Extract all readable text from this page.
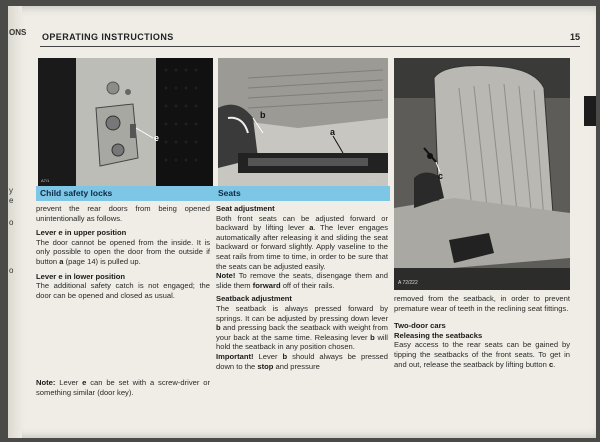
ONS
y
e
o
o
OPERATING INSTRUCTIONS	15
e
A7/1
b
a
A7/…	c
A 72/222
Child safety locks
prevent the rear doors from being opened unintentionally as follows.
Lever e in upper position
The door cannot be opened from the inside. It is only possible to open the door from the outside if button a (page 14) is pulled up.
Lever e in lower position
The additional safety catch is not engaged; the door can be opened and closed as usual.
Note: Lever e can be set with a screw-driver or something similar (door key).
Seats
Seat adjustment
Both front seats can be adjusted forward or backward by lifting lever a. The lever engages automatically after releasing it and sliding the seat backward or forward slightly. Apply vaseline to the seat rails from time to time, in order to be sure that the seats can be adjusted easily.
Note! To remove the seats, disengage them and slide them forward off of their rails.
Seatback adjustment
The seatback is always pressed forward by springs. It can be adjusted by pressing down lever b and pressing back the seatback with weight from your back at the same time. Releasing lever b will hold the seatback in any position chosen.
Important! Lever b should always be pressed down to the stop and pressure
removed from the seatback, in order to prevent premature wear of teeth in the reclining seat fittings.
Two-door cars
Releasing the seatbacks
Easy access to the rear seats can be gained by tipping the seatbacks of the front seats. To get in and out, release the seatback by lifting button c.
